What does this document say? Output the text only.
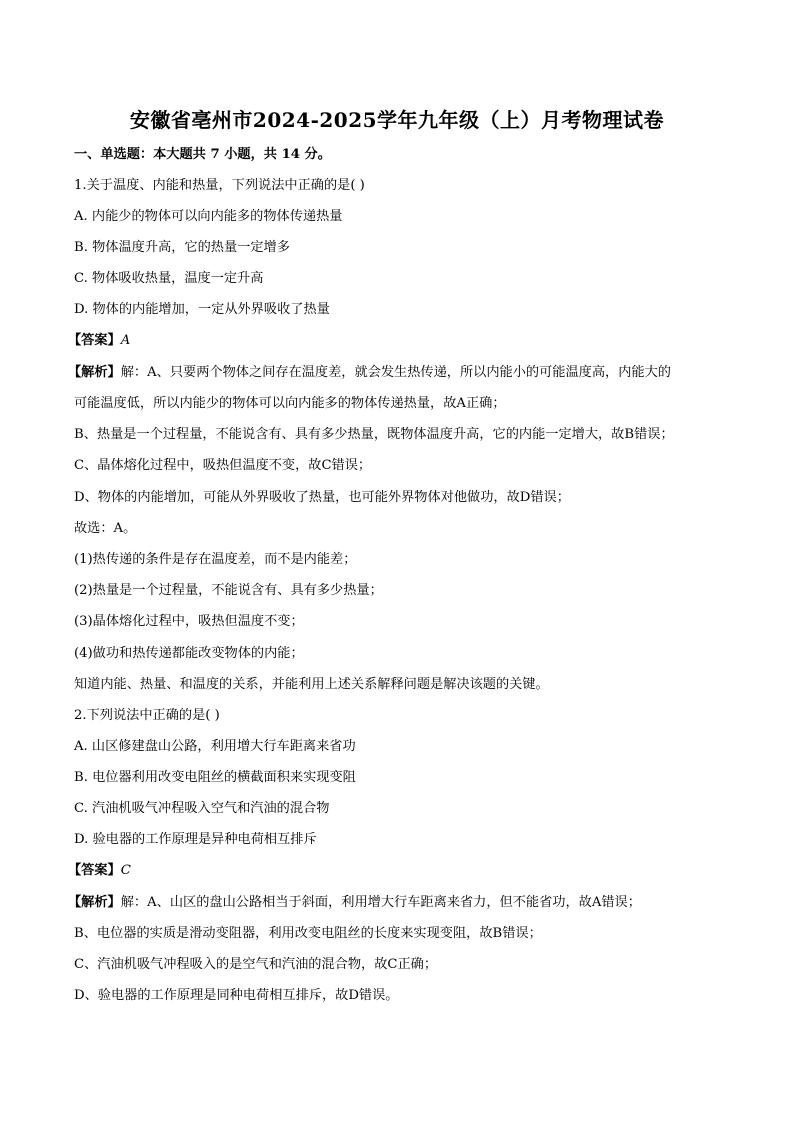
安徽省亳州市2024-2025学年九年级（上）月考物理试卷
一、单选题：本大题共 7 小题，共 14 分。
1.关于温度、内能和热量，下列说法中正确的是( )
A. 内能少的物体可以向内能多的物体传递热量
B. 物体温度升高，它的热量一定增多
C. 物体吸收热量，温度一定升高
D. 物体的内能增加，一定从外界吸收了热量
【答案】A
【解析】解：A、只要两个物体之间存在温度差，就会发生热传递，所以内能小的可能温度高，内能大的
可能温度低，所以内能少的物体可以向内能多的物体传递热量，故A正确；
B、热量是一个过程量，不能说含有、具有多少热量，既物体温度升高，它的内能一定增大，故B错误；
C、晶体熔化过程中，吸热但温度不变，故C错误；
D、物体的内能增加，可能从外界吸收了热量，也可能外界物体对他做功，故D错误；
故选：A。
(1)热传递的条件是存在温度差，而不是内能差；
(2)热量是一个过程量，不能说含有、具有多少热量；
(3)晶体熔化过程中，吸热但温度不变；
(4)做功和热传递都能改变物体的内能；
知道内能、热量、和温度的关系，并能利用上述关系解释问题是解决该题的关键。
2.下列说法中正确的是( )
A. 山区修建盘山公路，利用增大行车距离来省功
B. 电位器利用改变电阻丝的横截面积来实现变阻
C. 汽油机吸气冲程吸入空气和汽油的混合物
D. 验电器的工作原理是异种电荷相互排斥
【答案】C
【解析】解：A、山区的盘山公路相当于斜面，利用增大行车距离来省力，但不能省功，故A错误；
B、电位器的实质是滑动变阻器，利用改变电阻丝的长度来实现变阻，故B错误；
C、汽油机吸气冲程吸入的是空气和汽油的混合物，故C正确；
D、验电器的工作原理是同种电荷相互排斥，故D错误。
